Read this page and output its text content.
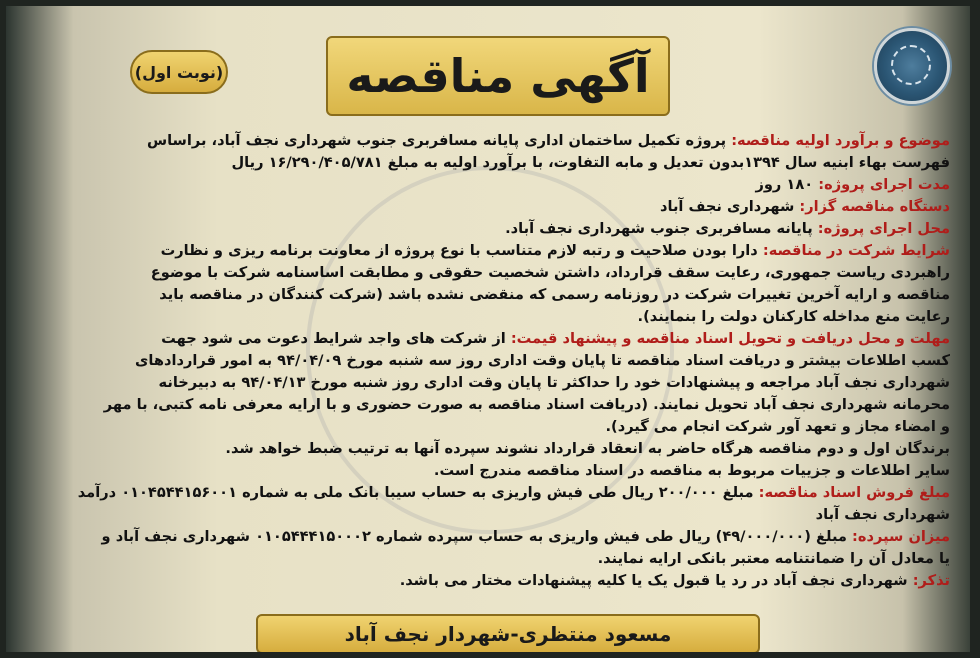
آگهی مناقصه
(نوبت اول)
موضوع و برآورد اولیه مناقصه: پروژه تکمیل ساختمان اداری پایانه مسافربری جنوب شهرداری نجف آباد، براساس
فهرست بهاء ابنیه سال ۱۳۹۴بدون تعدیل و مابه التفاوت، با برآورد اولیه به مبلغ ۱۶/۲۹۰/۴۰۵/۷۸۱ ریال
مدت اجرای پروژه: ۱۸۰ روز
دستگاه مناقصه گزار: شهرداری نجف آباد
محل اجرای پروژه: پایانه مسافربری جنوب شهرداری نجف آباد.
شرایط شرکت در مناقصه: دارا بودن صلاحیت و رتبه لازم متناسب با نوع پروژه از معاونت برنامه ریزی و نظارت
راهبردی ریاست جمهوری، رعایت سقف قرارداد، داشتن شخصیت حقوقی و مطابقت اساسنامه شرکت با موضوع
مناقصه و ارایه آخرین تغییرات شرکت در روزنامه رسمی که منقضی نشده باشد (شرکت کنندگان در مناقصه باید
رعایت منع مداخله کارکنان دولت را بنمایند).
مهلت و محل دریافت و تحویل اسناد مناقصه و پیشنهاد قیمت: از شرکت های واجد شرایط دعوت می شود جهت
کسب اطلاعات بیشتر و دریافت اسناد مناقصه تا پایان وقت اداری روز سه شنبه مورخ ۹۴/۰۴/۰۹ به امور قراردادهای
شهرداری نجف آباد مراجعه و پیشنهادات خود را حداکثر تا پایان وقت اداری روز شنبه مورخ ۹۴/۰۴/۱۳ به دبیرخانه
محرمانه شهرداری نجف آباد تحویل نمایند. (دریافت اسناد مناقصه به صورت حضوری و با ارایه معرفی نامه کتبی، با مهر
و امضاء مجاز و تعهد آور شرکت انجام می گیرد).
برندگان اول و دوم مناقصه هرگاه حاضر به انعقاد قرارداد نشوند سپرده آنها به ترتیب ضبط خواهد شد.
سایر اطلاعات و جزییات مربوط به مناقصه در اسناد مناقصه مندرج است.
مبلغ فروش اسناد مناقصه: مبلغ ۲۰۰/۰۰۰ ریال طی فیش واریزی به حساب سیبا بانک ملی به شماره ۰۱۰۴۵۴۴۱۵۶۰۰۱ درآمد
شهرداری نجف آباد
میزان سپرده: مبلغ (۴۹/۰۰۰/۰۰۰) ریال طی فیش واریزی به حساب سپرده شماره ۰۱۰۵۴۴۴۱۵۰۰۰۲ شهرداری نجف آباد و
یا معادل آن را ضمانتنامه معتبر بانکی ارایه نمایند.
تذکر: شهرداری نجف آباد در رد یا قبول یک یا کلیه پیشنهادات مختار می باشد.
مسعود منتظری-شهردار نجف آباد
